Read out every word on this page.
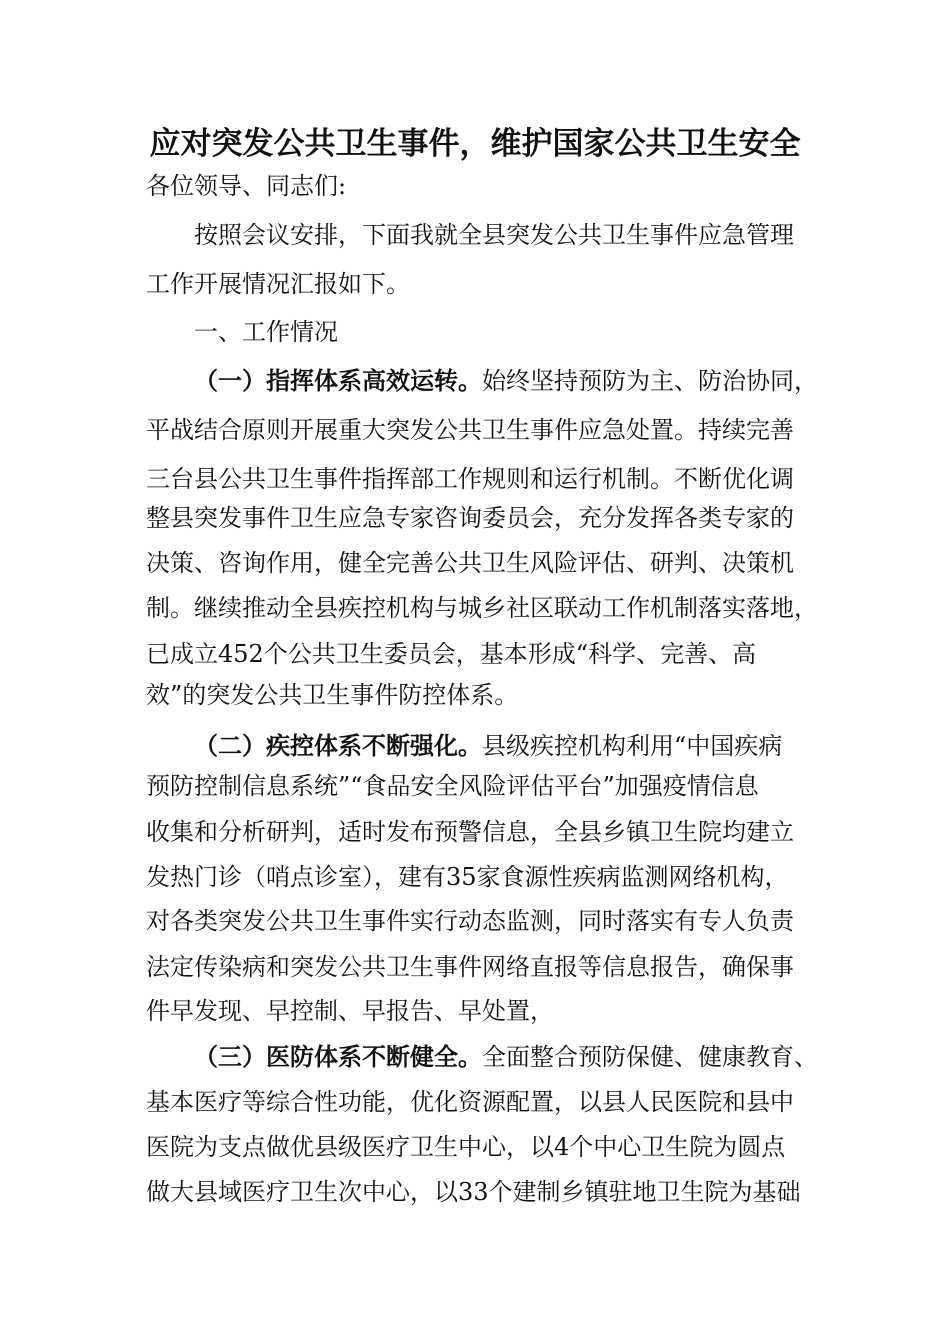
应对突发公共卫生事件，维护国家公共卫生安全

各位领导、同志们:

按照会议安排，下面我就全县突发公共卫生事件应急管理

工作开展情况汇报如下。

一、工作情况

（一）指挥体系高效运转。始终坚持预防为主、防治协同，

平战结合原则开展重大突发公共卫生事件应急处置。持续完善

三台县公共卫生事件指挥部工作规则和运行机制。不断优化调

整县突发事件卫生应急专家咨询委员会，充分发挥各类专家的

决策、咨询作用，健全完善公共卫生风险评估、研判、决策机

制。继续推动全县疾控机构与城乡社区联动工作机制落实落地，

已成立452个公共卫生委员会，基本形成“科学、完善、高

效”的突发公共卫生事件防控体系。

（二）疾控体系不断强化。县级疾控机构利用“中国疾病

预防控制信息系统”“食品安全风险评估平台”加强疫情信息

收集和分析研判，适时发布预警信息，全县乡镇卫生院均建立

发热门诊（哨点诊室），建有35家食源性疾病监测网络机构，

对各类突发公共卫生事件实行动态监测，同时落实有专人负责

法定传染病和突发公共卫生事件网络直报等信息报告，确保事

件早发现、早控制、早报告、早处置，

（三）医防体系不断健全。全面整合预防保健、健康教育、

基本医疗等综合性功能，优化资源配置，以县人民医院和县中

医院为支点做优县级医疗卫生中心，以4个中心卫生院为圆点

做大县域医疗卫生次中心，以33个建制乡镇驻地卫生院为基础
